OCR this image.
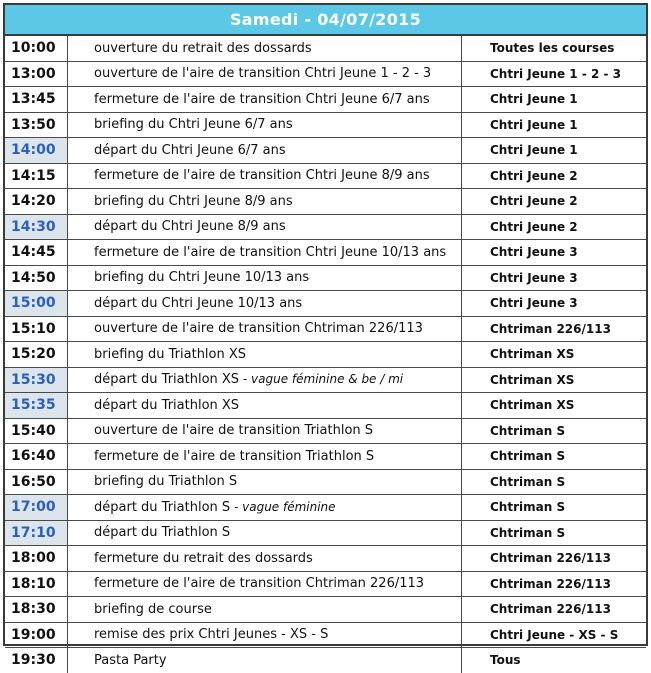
Samedi - 04/07/2015
10:00	ouverture du retrait des dossards	Toutes les courses
13:00	ouverture de l'aire de transition Chtri Jeune 1 - 2 - 3	Chtri Jeune 1 - 2 - 3
13:45	fermeture de l'aire de transition Chtri Jeune 6/7 ans	Chtri Jeune 1
13:50	briefing du Chtri Jeune 6/7 ans	Chtri Jeune 1
14:00	départ du Chtri Jeune 6/7 ans	Chtri Jeune 1
14:15	fermeture de l'aire de transition Chtri Jeune 8/9 ans	Chtri Jeune 2
14:20	briefing du Chtri Jeune 8/9 ans	Chtri Jeune 2
14:30	départ du Chtri Jeune 8/9 ans	Chtri Jeune 2
14:45	fermeture de l'aire de transition Chtri Jeune 10/13 ans	Chtri Jeune 3
14:50	briefing du Chtri Jeune 10/13 ans	Chtri Jeune 3
15:00	départ du Chtri Jeune 10/13 ans	Chtri Jeune 3
15:10	ouverture de l'aire de transition Chtriman 226/113	Chtriman 226/113
15:20	briefing du Triathlon XS	Chtriman XS
15:30	départ du Triathlon XS - vague féminine & be / mi	Chtriman XS
15:35	départ du Triathlon XS	Chtriman XS
15:40	ouverture de l'aire de transition Triathlon S	Chtriman S
16:40	fermeture de l'aire de transition Triathlon S	Chtriman S
16:50	briefing du Triathlon S	Chtriman S
17:00	départ du Triathlon S - vague féminine	Chtriman S
17:10	départ du Triathlon S	Chtriman S
18:00	fermeture du retrait des dossards	Chtriman 226/113
18:10	fermeture de l'aire de transition Chtriman 226/113	Chtriman 226/113
18:30	briefing de course	Chtriman 226/113
19:00	remise des prix Chtri Jeunes - XS - S	Chtri Jeune - XS - S
19:30	Pasta Party	Tous
